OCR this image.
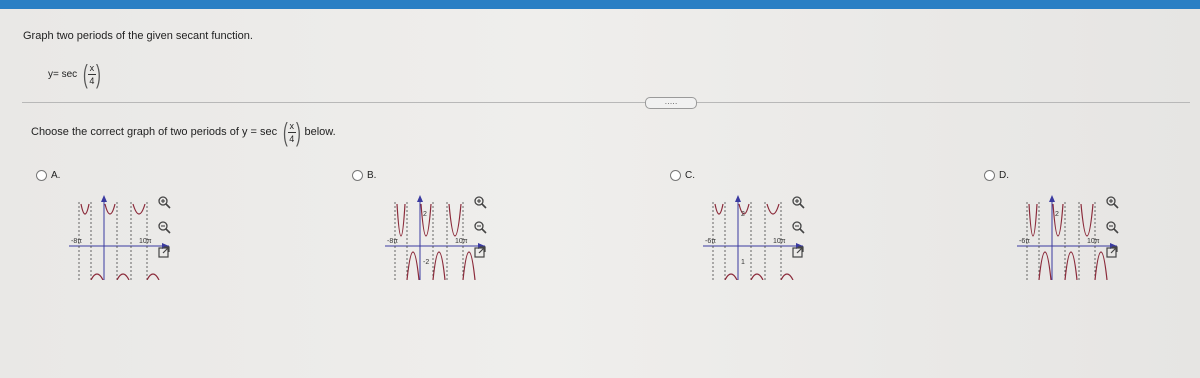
Graph two periods of the given secant function.
y= sec ( $\frac{x}{4}$ )
.....
Choose the correct graph of two periods of y = sec ( $\frac{x}{4}$ ) below.
A.
-8π	10π
B.
-8π	10π
2
-2
C.
-6π	10π
2
1
D.
-6π	10π
2
